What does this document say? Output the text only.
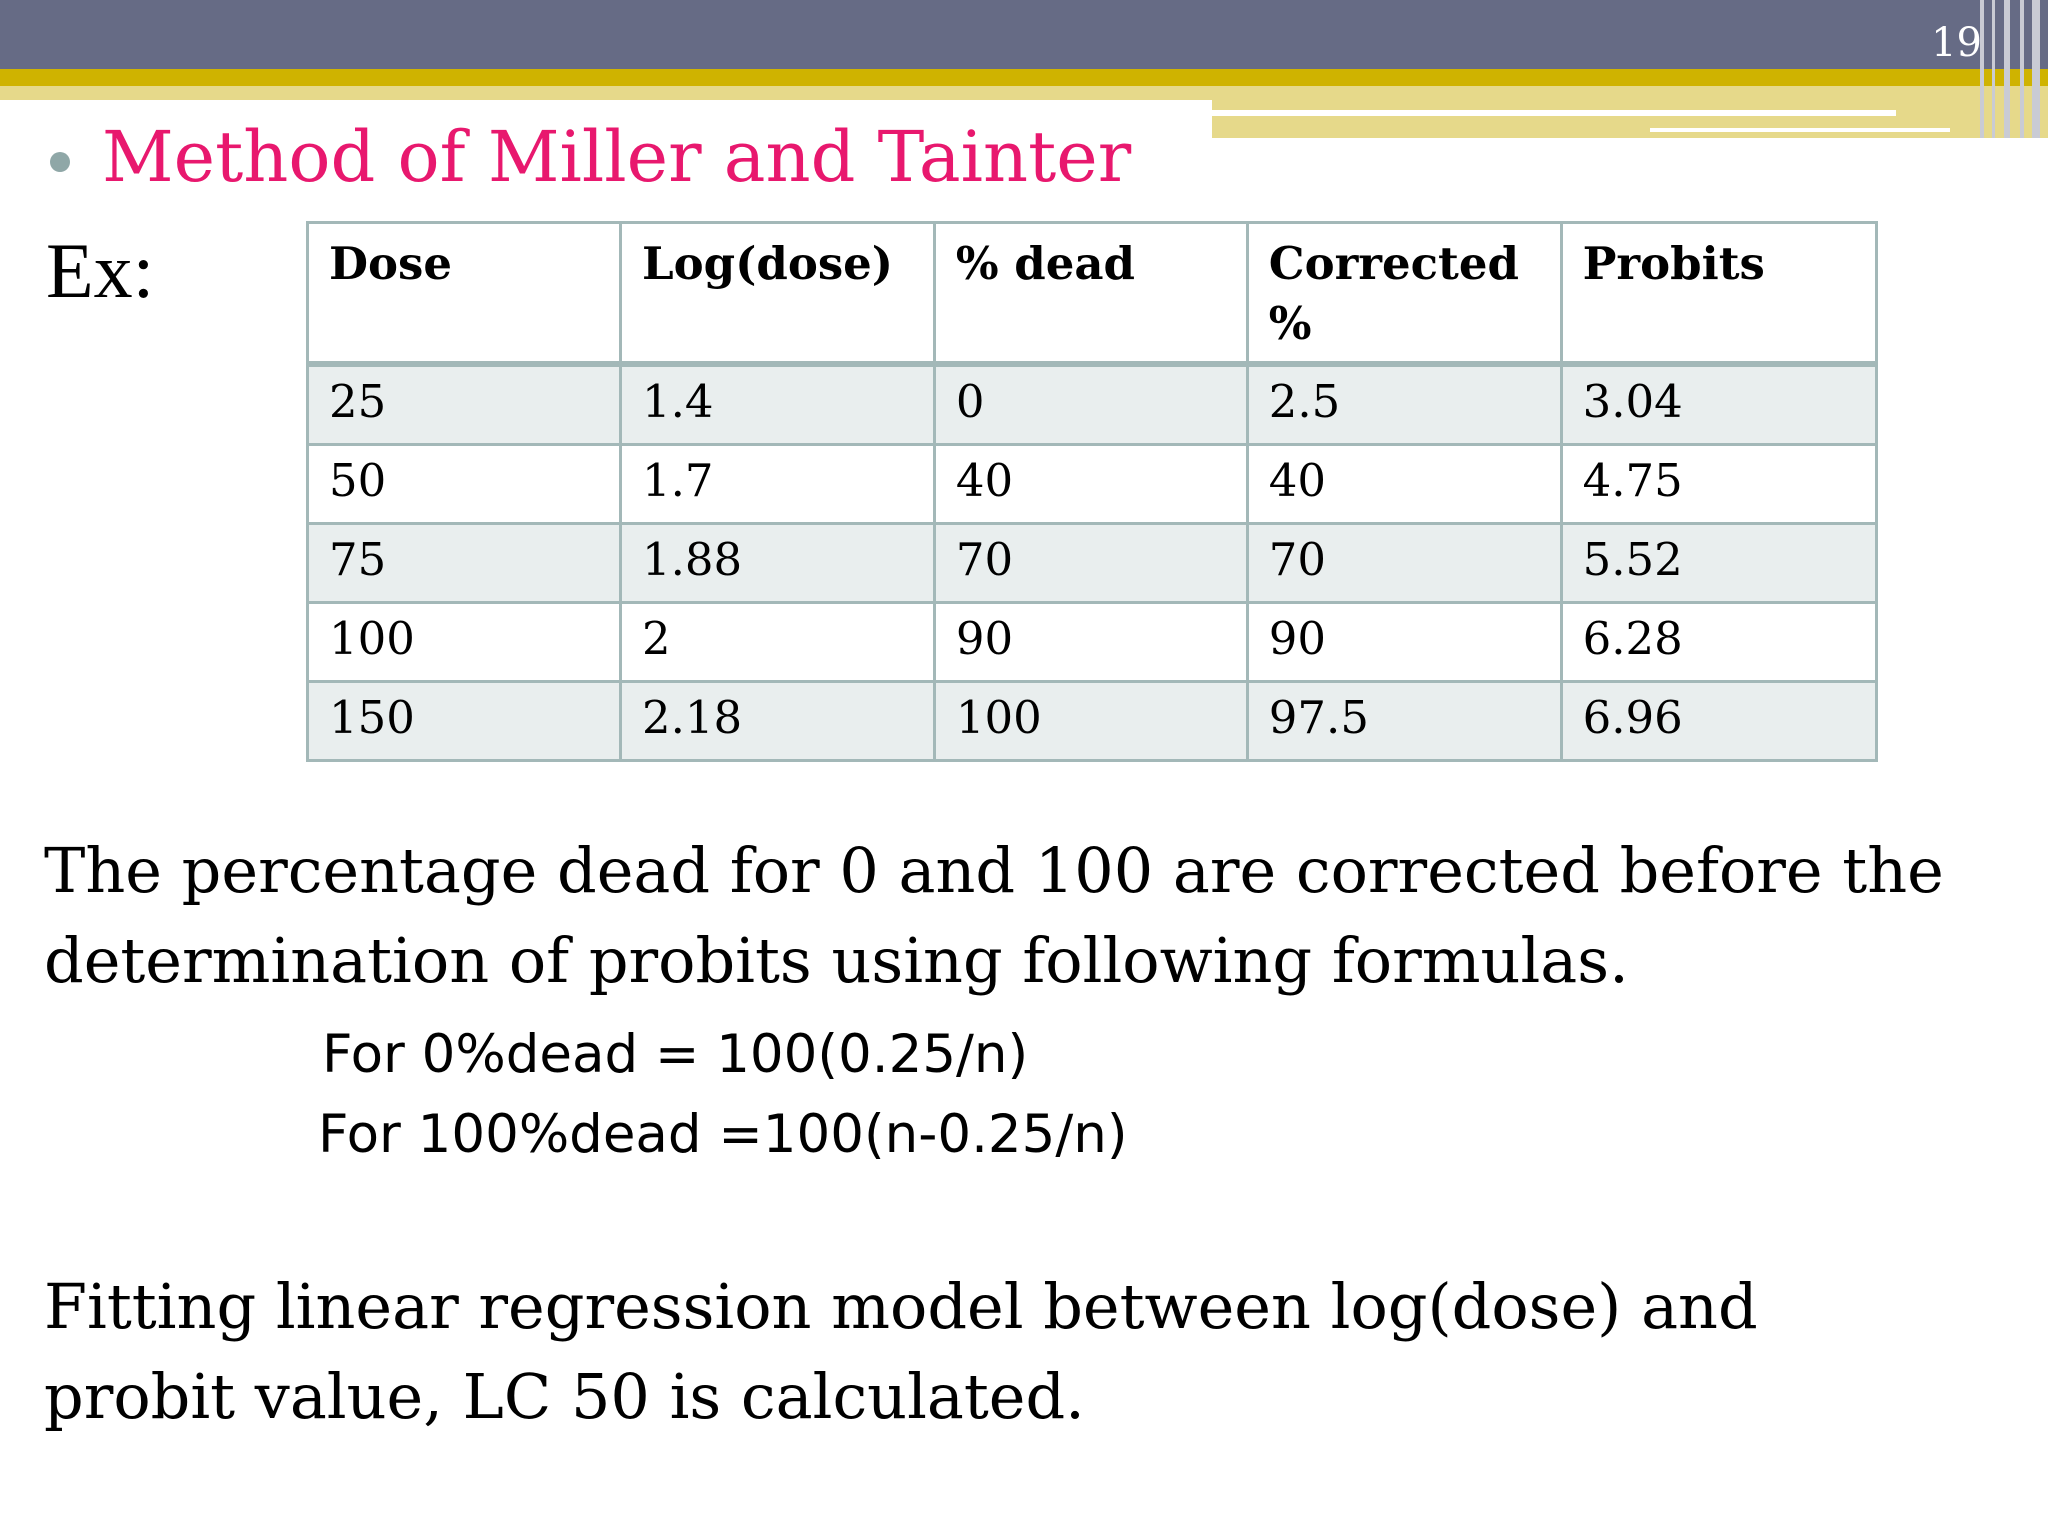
19
Method of Miller and Tainter
Ex:	Dose	Log(dose)	% dead	Corrected %	Probits
25	1.4	0	2.5	3.04
50	1.7	40	40	4.75
75	1.88	70	70	5.52
100	2	90	90	6.28
150	2.18	100	97.5	6.96
The percentage dead for 0 and 100 are corrected before the determination of probits using following formulas.
For 0%dead = 100(0.25/n)
For 100%dead =100(n-0.25/n)
Fitting linear regression model between log(dose) and probit value, LC 50 is calculated.
